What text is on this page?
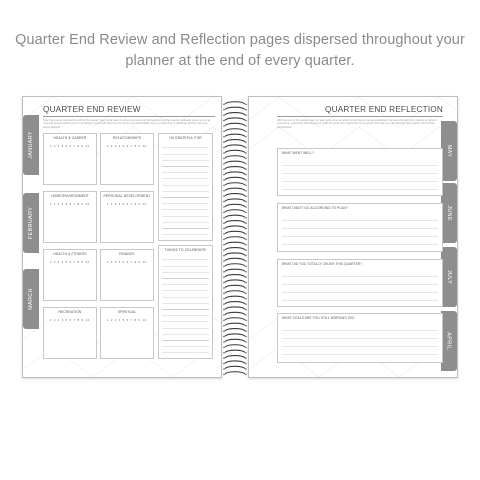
Quarter End Review and Reflection pages dispersed throughout your
planner at the end of every quarter.
JANUARY
FEBRUARY
MARCH
QUARTER END REVIEW
Now that you've reached the end of the quarter (yay!) look back on where you stood at the beginning of the quarter. Evaluate where you're at now and assess where you've improved or stood still. Don't be too hard on yourself! Make sure you take time to celebrate all that you have accomplished!
HEALTH & CAREER
1 2 3 4 5 6 7 8 9 10
RELATIONSHIPS
1 2 3 4 5 6 7 8 9 10
HOME/ENVIRONMENT
1 2 3 4 5 6 7 8 9 10
PERSONAL DEVELOPMENT
1 2 3 4 5 6 7 8 9 10
HEALTH & FITNESS
1 2 3 4 5 6 7 8 9 10
FINANCE
1 2 3 4 5 6 7 8 9 10
RECREATION
1 2 3 4 5 6 7 8 9 10
SPIRITUAL
1 2 3 4 5 6 7 8 9 10
I'M GRATEFUL FOR
THINGS TO CELEBRATE!
MAY
JUNE
JULY
APRIL
QUARTER END REFLECTION
With the end of the quarter upon us take some time to reflect on all that you've accomplished. Go back through your planner to refresh yourself on everything that happened, both the good and maybe the not so good. This way you can start the new quarter with a fresh perspective!
WHAT WENT WELL?
WHAT DIDN'T GO ACCORDING TO PLAN?
WHAT DID YOU TOTALLY CRUSH THIS QUARTER?
WHAT GOALS ARE YOU STILL WORKING ON?
